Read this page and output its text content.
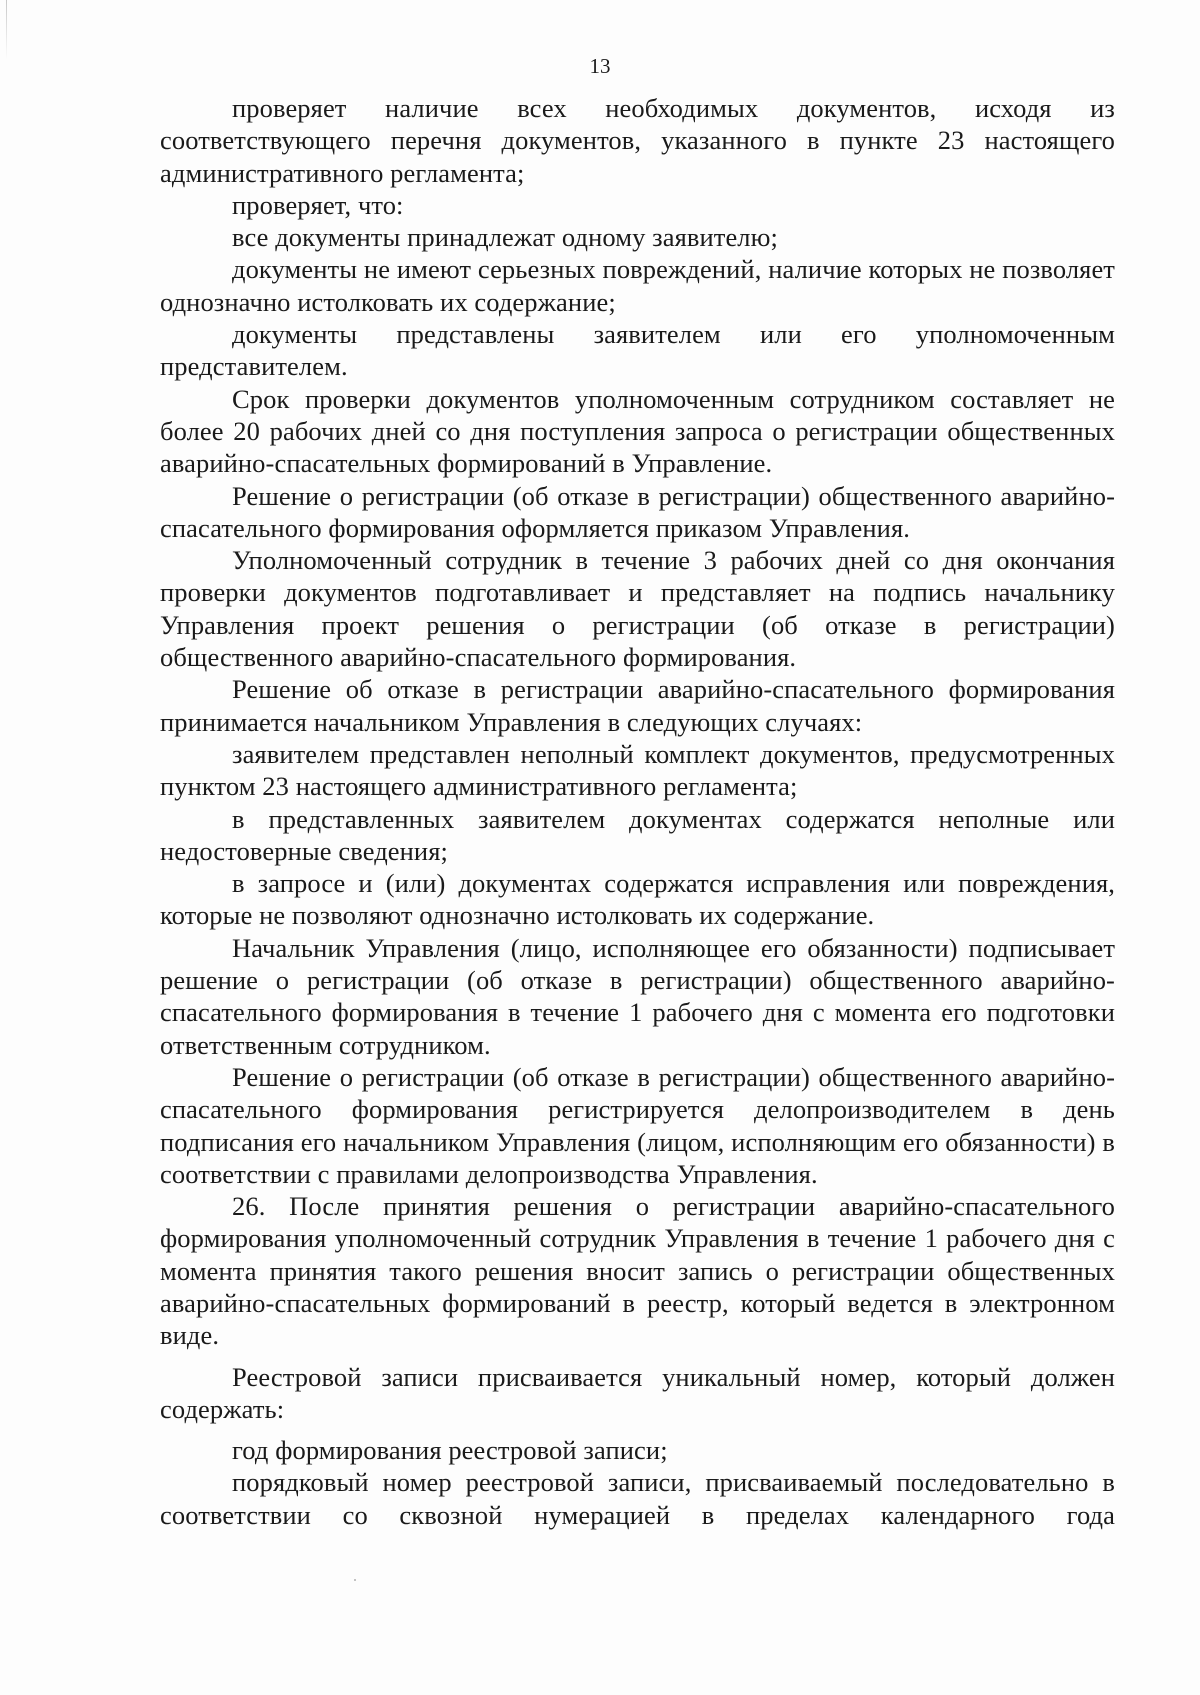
13

проверяет наличие всех необходимых документов, исходя из соответствующего перечня документов, указанного в пункте 23 настоящего административного регламента;

проверяет, что:

все документы принадлежат одному заявителю;

документы не имеют серьезных повреждений, наличие которых не позволяет однозначно истолковать их содержание;

документы представлены заявителем или его уполномоченным представителем.

Срок проверки документов уполномоченным сотрудником составляет не более 20 рабочих дней со дня поступления запроса о регистрации общественных аварийно-спасательных формирований в Управление.

Решение о регистрации (об отказе в регистрации) общественного аварийно-спасательного формирования оформляется приказом Управления.

Уполномоченный сотрудник в течение 3 рабочих дней со дня окончания проверки документов подготавливает и представляет на подпись начальнику Управления проект решения о регистрации (об отказе в регистрации) общественного аварийно-спасательного формирования.

Решение об отказе в регистрации аварийно-спасательного формирования принимается начальником Управления в следующих случаях:

заявителем представлен неполный комплект документов, предусмотренных пунктом 23 настоящего административного регламента;

в представленных заявителем документах содержатся неполные или недостоверные сведения;

в запросе и (или) документах содержатся исправления или повреждения, которые не позволяют однозначно истолковать их содержание.

Начальник Управления (лицо, исполняющее его обязанности) подписывает решение о регистрации (об отказе в регистрации) общественного аварийно-спасательного формирования в течение 1 рабочего дня с момента его подготовки ответственным сотрудником.

Решение о регистрации (об отказе в регистрации) общественного аварийно-спасательного формирования регистрируется делопроизводителем в день подписания его начальником Управления (лицом, исполняющим его обязанности) в соответствии с правилами делопроизводства Управления.

26. После принятия решения о регистрации аварийно-спасательного формирования уполномоченный сотрудник Управления в течение 1 рабочего дня с момента принятия такого решения вносит запись о регистрации общественных аварийно-спасательных формирований в реестр, который ведется в электронном виде.

Реестровой записи присваивается уникальный номер, который должен содержать:

год формирования реестровой записи;

порядковый номер реестровой записи, присваиваемый последовательно в соответствии со сквозной нумерацией в пределах календарного года
